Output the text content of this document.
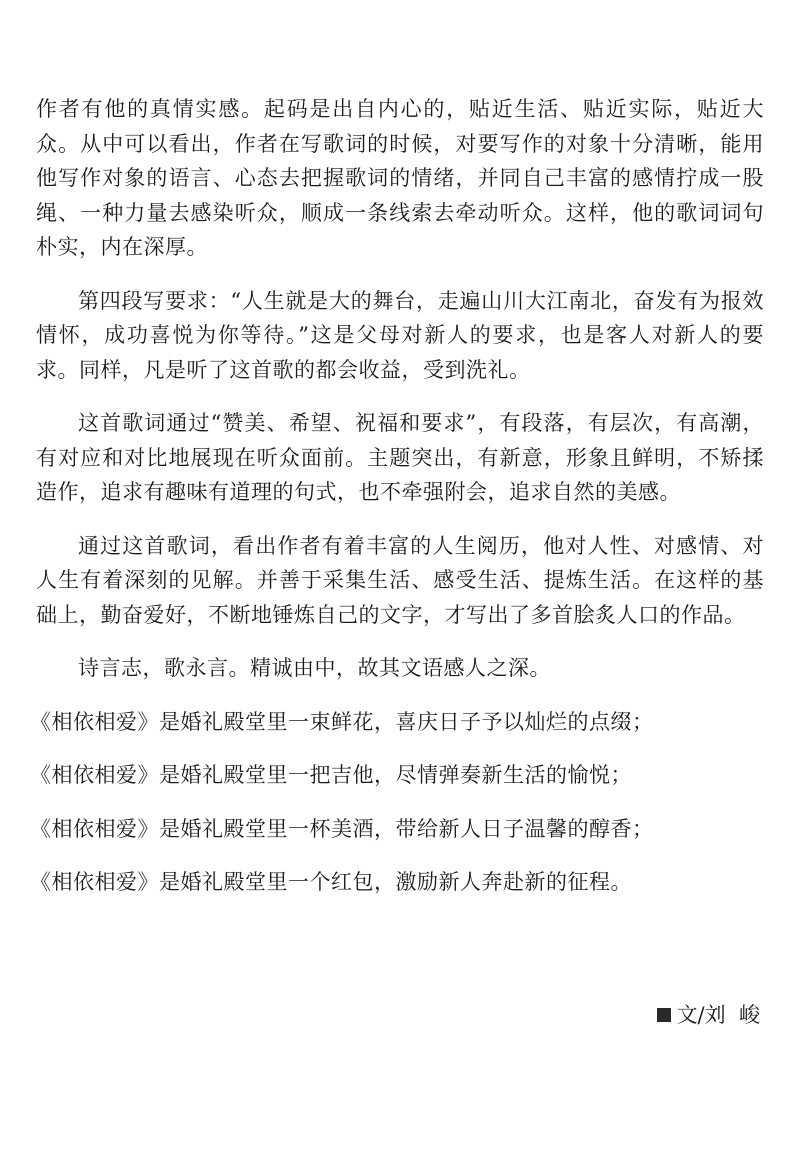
作者有他的真情实感。起码是出自内心的，贴近生活、贴近实际，贴近大众。从中可以看出，作者在写歌词的时候，对要写作的对象十分清晰，能用他写作对象的语言、心态去把握歌词的情绪，并同自己丰富的感情拧成一股绳、一种力量去感染听众，顺成一条线索去牵动听众。这样，他的歌词词句朴实，内在深厚。

第四段写要求：“人生就是大的舞台，走遍山川大江南北，奋发有为报效情怀，成功喜悦为你等待。”这是父母对新人的要求，也是客人对新人的要求。同样，凡是听了这首歌的都会收益，受到洗礼。

这首歌词通过“赞美、希望、祝福和要求”，有段落，有层次，有高潮，有对应和对比地展现在听众面前。主题突出，有新意，形象且鲜明，不矫揉造作，追求有趣味有道理的句式，也不牵强附会，追求自然的美感。

通过这首歌词，看出作者有着丰富的人生阅历，他对人性、对感情、对人生有着深刻的见解。并善于采集生活、感受生活、提炼生活。在这样的基础上，勤奋爱好，不断地锤炼自己的文字，才写出了多首脍炙人口的作品。

诗言志，歌永言。精诚由中，故其文语感人之深。

《相依相爱》是婚礼殿堂里一束鲜花，喜庆日子予以灿烂的点缀；

《相依相爱》是婚礼殿堂里一把吉他，尽情弹奏新生活的愉悦；

《相依相爱》是婚礼殿堂里一杯美酒，带给新人日子温馨的醇香；

《相依相爱》是婚礼殿堂里一个红包，激励新人奔赴新的征程。

文/刘  峻
